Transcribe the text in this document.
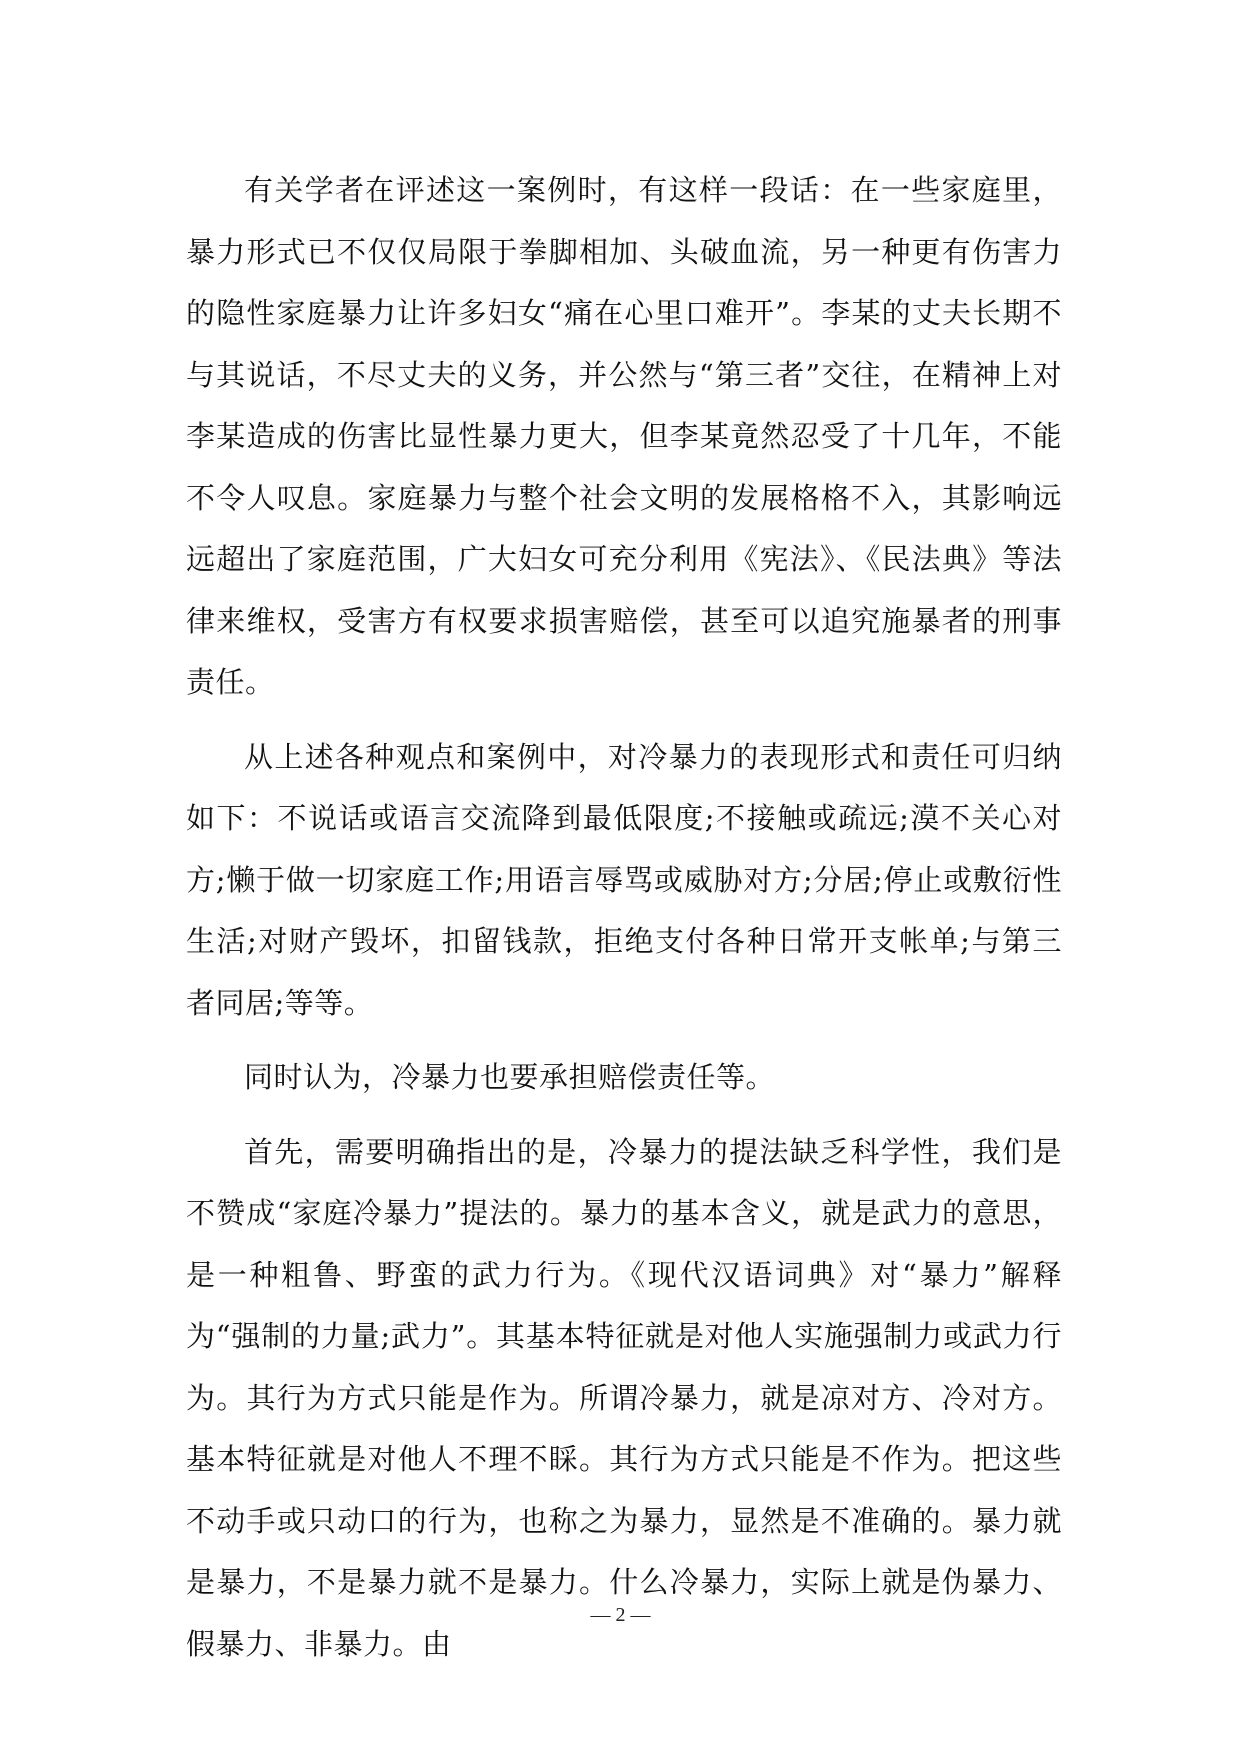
有关学者在评述这一案例时，有这样一段话：在一些家庭里，暴力形式已不仅仅局限于拳脚相加、头破血流，另一种更有伤害力的隐性家庭暴力让许多妇女“痛在心里口难开”。李某的丈夫长期不与其说话，不尽丈夫的义务，并公然与“第三者”交往，在精神上对李某造成的伤害比显性暴力更大，但李某竟然忍受了十几年，不能不令人叹息。家庭暴力与整个社会文明的发展格格不入，其影响远远超出了家庭范围，广大妇女可充分利用《宪法》、《民法典》等法律来维权，受害方有权要求损害赔偿，甚至可以追究施暴者的刑事责任。

从上述各种观点和案例中，对冷暴力的表现形式和责任可归纳如下：不说话或语言交流降到最低限度;不接触或疏远;漠不关心对方;懒于做一切家庭工作;用语言辱骂或威胁对方;分居;停止或敷衍性生活;对财产毁坏，扣留钱款，拒绝支付各种日常开支帐单;与第三者同居;等等。

同时认为，冷暴力也要承担赔偿责任等。

首先，需要明确指出的是，冷暴力的提法缺乏科学性，我们是不赞成“家庭冷暴力”提法的。暴力的基本含义，就是武力的意思，是一种粗鲁、野蛮的武力行为。《现代汉语词典》对“暴力”解释为“强制的力量;武力”。其基本特征就是对他人实施强制力或武力行为。其行为方式只能是作为。所谓冷暴力，就是凉对方、冷对方。基本特征就是对他人不理不睬。其行为方式只能是不作为。把这些不动手或只动口的行为，也称之为暴力，显然是不准确的。暴力就是暴力，不是暴力就不是暴力。什么冷暴力，实际上就是伪暴力、假暴力、非暴力。由

— 2 —
